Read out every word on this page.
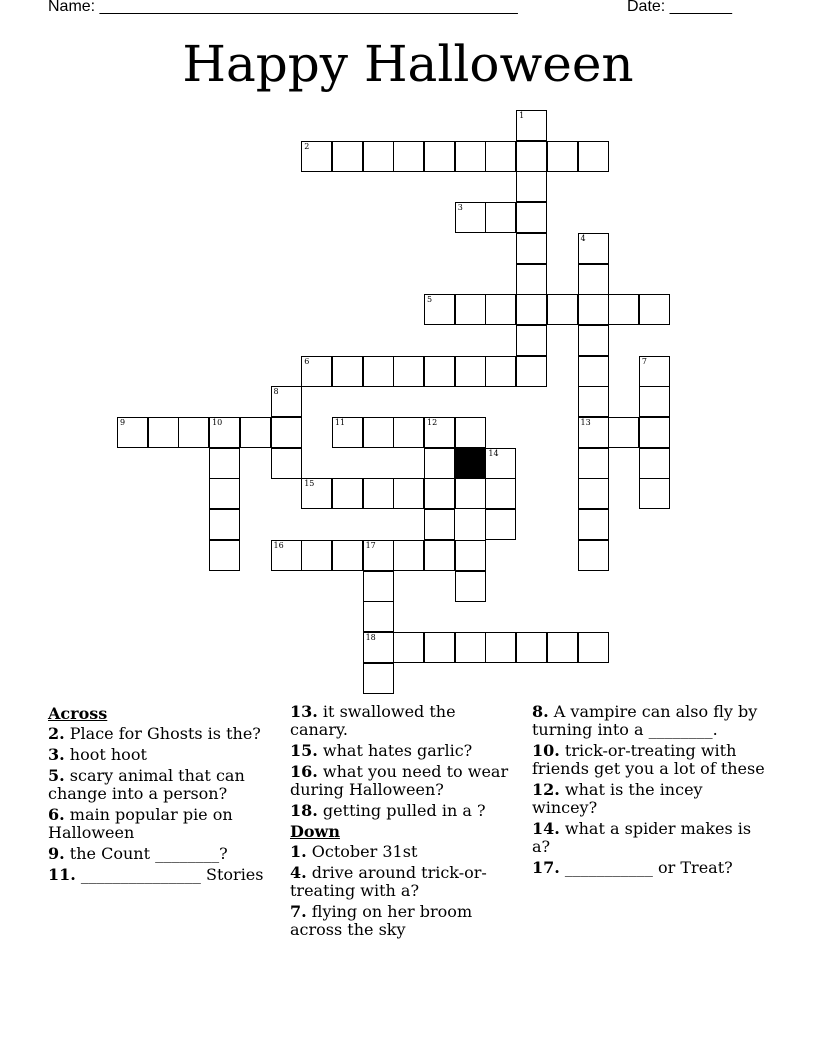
Name: _______________________________________________	Date: _______
Happy Halloween
1
2
3
4
5
6	7
8
9	10	11	12	13
14
15
16	17
18
Across
2. Place for Ghosts is the?
3. hoot hoot
5. scary animal that can change into a person?
6. main popular pie on Halloween
9. the Count ________?
11. _______________ Stories
13. it swallowed the canary.
15. what hates garlic?
16. what you need to wear during Halloween?
18. getting pulled in a ?
Down
1. October 31st
4. drive around trick-or-treating with a?
7. flying on her broom across the sky
8. A vampire can also fly by turning into a ________.
10. trick-or-treating with friends get you a lot of these
12. what is the incey wincey?
14. what a spider makes is a?
17. ___________ or Treat?
